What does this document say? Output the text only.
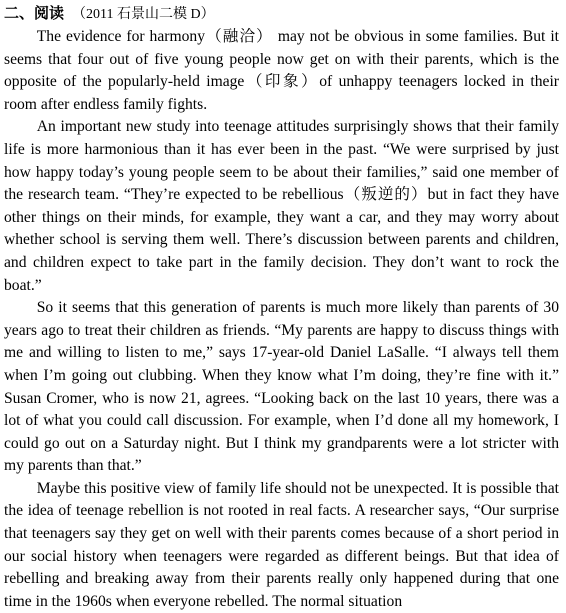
二、阅读 （2011 石景山二模 D）

The evidence for harmony（融洽） may not be obvious in some families. But it seems that four out of five young people now get on with their parents, which is the opposite of the popularly-held image（印象）of unhappy teenagers locked in their room after endless family fights.

An important new study into teenage attitudes surprisingly shows that their family life is more harmonious than it has ever been in the past. “We were surprised by just how happy today’s young people seem to be about their families,” said one member of the research team. “They’re expected to be rebellious（叛逆的）but in fact they have other things on their minds, for example, they want a car, and they may worry about whether school is serving them well. There’s discussion between parents and children, and children expect to take part in the family decision. They don’t want to rock the boat.”

So it seems that this generation of parents is much more likely than parents of 30 years ago to treat their children as friends. “My parents are happy to discuss things with me and willing to listen to me,” says 17-year-old Daniel LaSalle. “I always tell them when I’m going out clubbing. When they know what I’m doing, they’re fine with it.” Susan Cromer, who is now 21, agrees. “Looking back on the last 10 years, there was a lot of what you could call discussion. For example, when I’d done all my homework, I could go out on a Saturday night. But I think my grandparents were a lot stricter with my parents than that.”

Maybe this positive view of family life should not be unexpected. It is possible that the idea of teenage rebellion is not rooted in real facts. A researcher says, “Our surprise that teenagers say they get on well with their parents comes because of a short period in our social history when teenagers were regarded as different beings. But that idea of rebelling and breaking away from their parents really only happened during that one time in the 1960s when everyone rebelled. The normal situation
